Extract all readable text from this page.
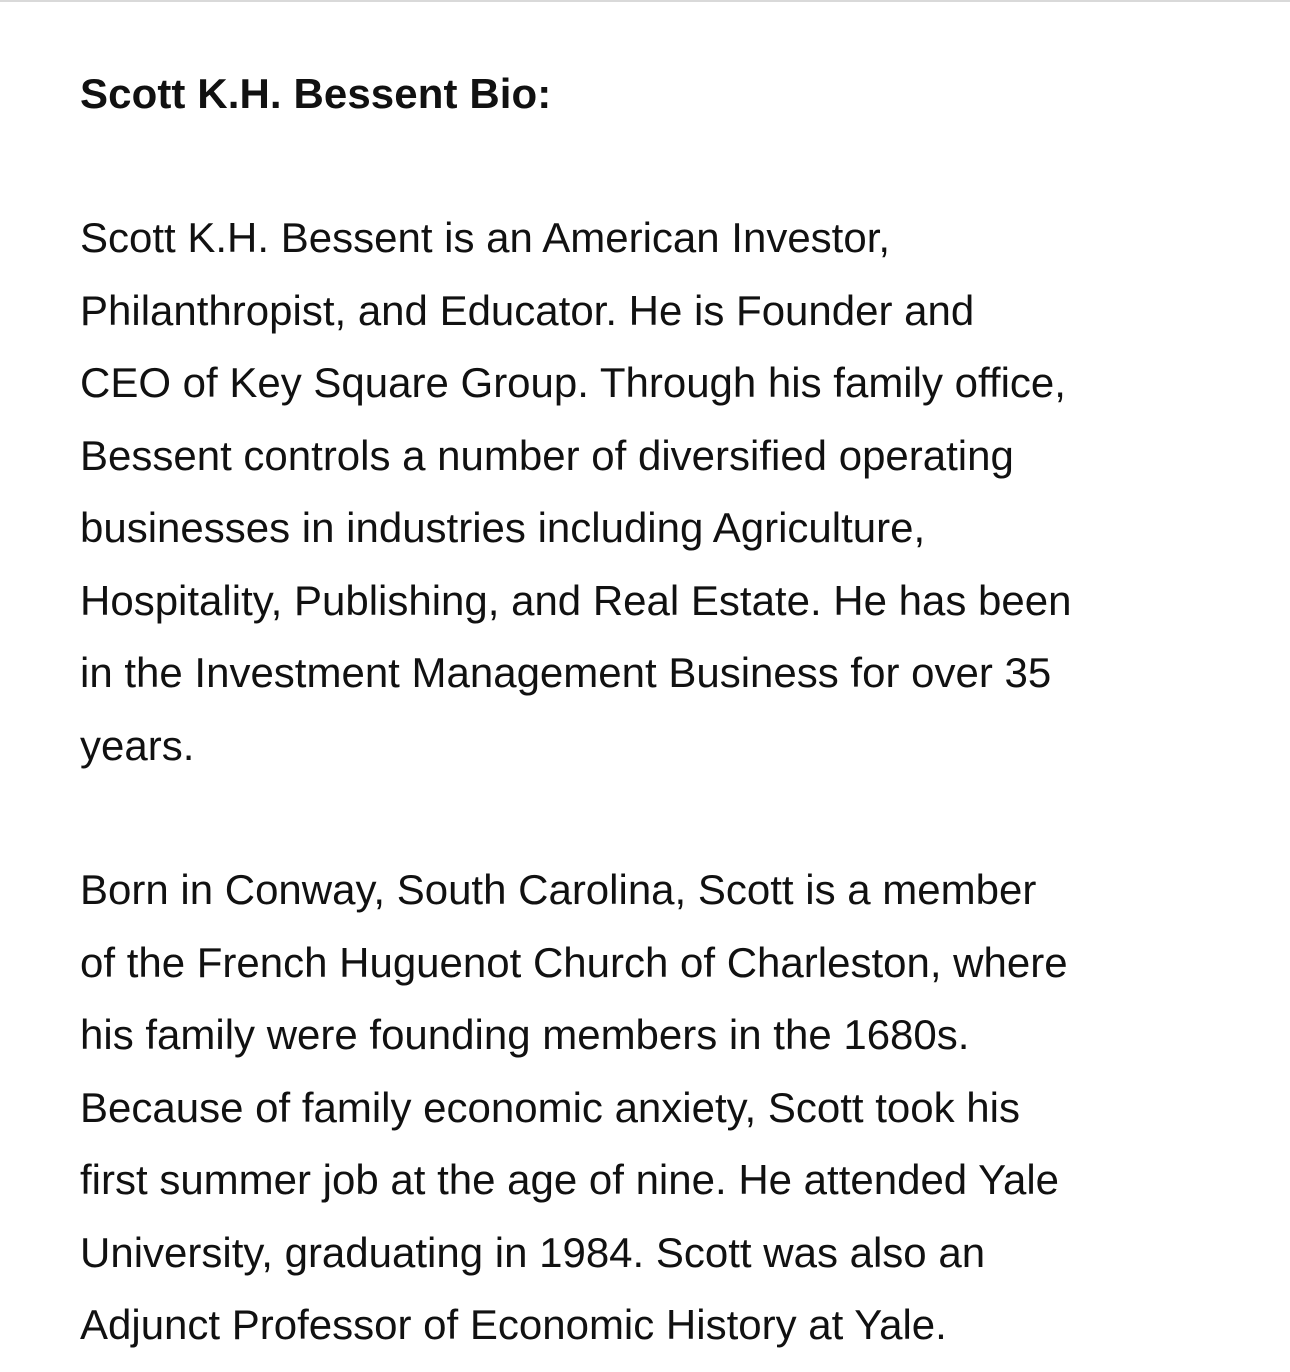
Scott K.H. Bessent Bio:

Scott K.H. Bessent is an American Investor,
Philanthropist, and Educator. He is Founder and
CEO of Key Square Group. Through his family office,
Bessent controls a number of diversified operating
businesses in industries including Agriculture,
Hospitality, Publishing, and Real Estate. He has been
in the Investment Management Business for over 35
years.

Born in Conway, South Carolina, Scott is a member
of the French Huguenot Church of Charleston, where
his family were founding members in the 1680s.
Because of family economic anxiety, Scott took his
first summer job at the age of nine. He attended Yale
University, graduating in 1984. Scott was also an
Adjunct Professor of Economic History at Yale.
